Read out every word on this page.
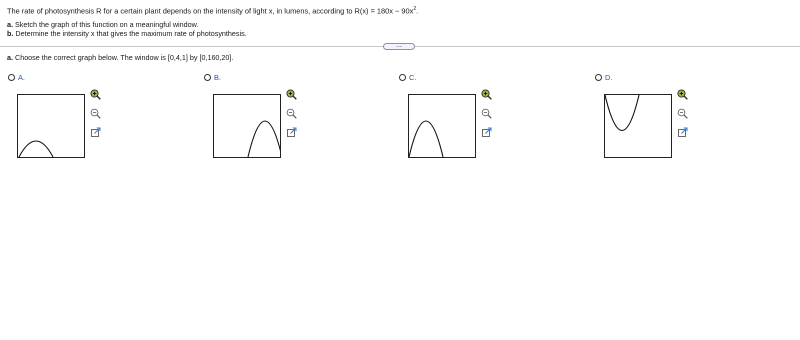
The rate of photosynthesis R for a certain plant depends on the intensity of light x, in lumens, according to $R(x) = 180x - 90x^2$.
a. Sketch the graph of this function on a meaningful window.
b. Determine the intensity x that gives the maximum rate of photosynthesis.
.....
a. Choose the correct graph below. The window is [0,4,1] by [0,160,20].
A.	B.	C.	D.
